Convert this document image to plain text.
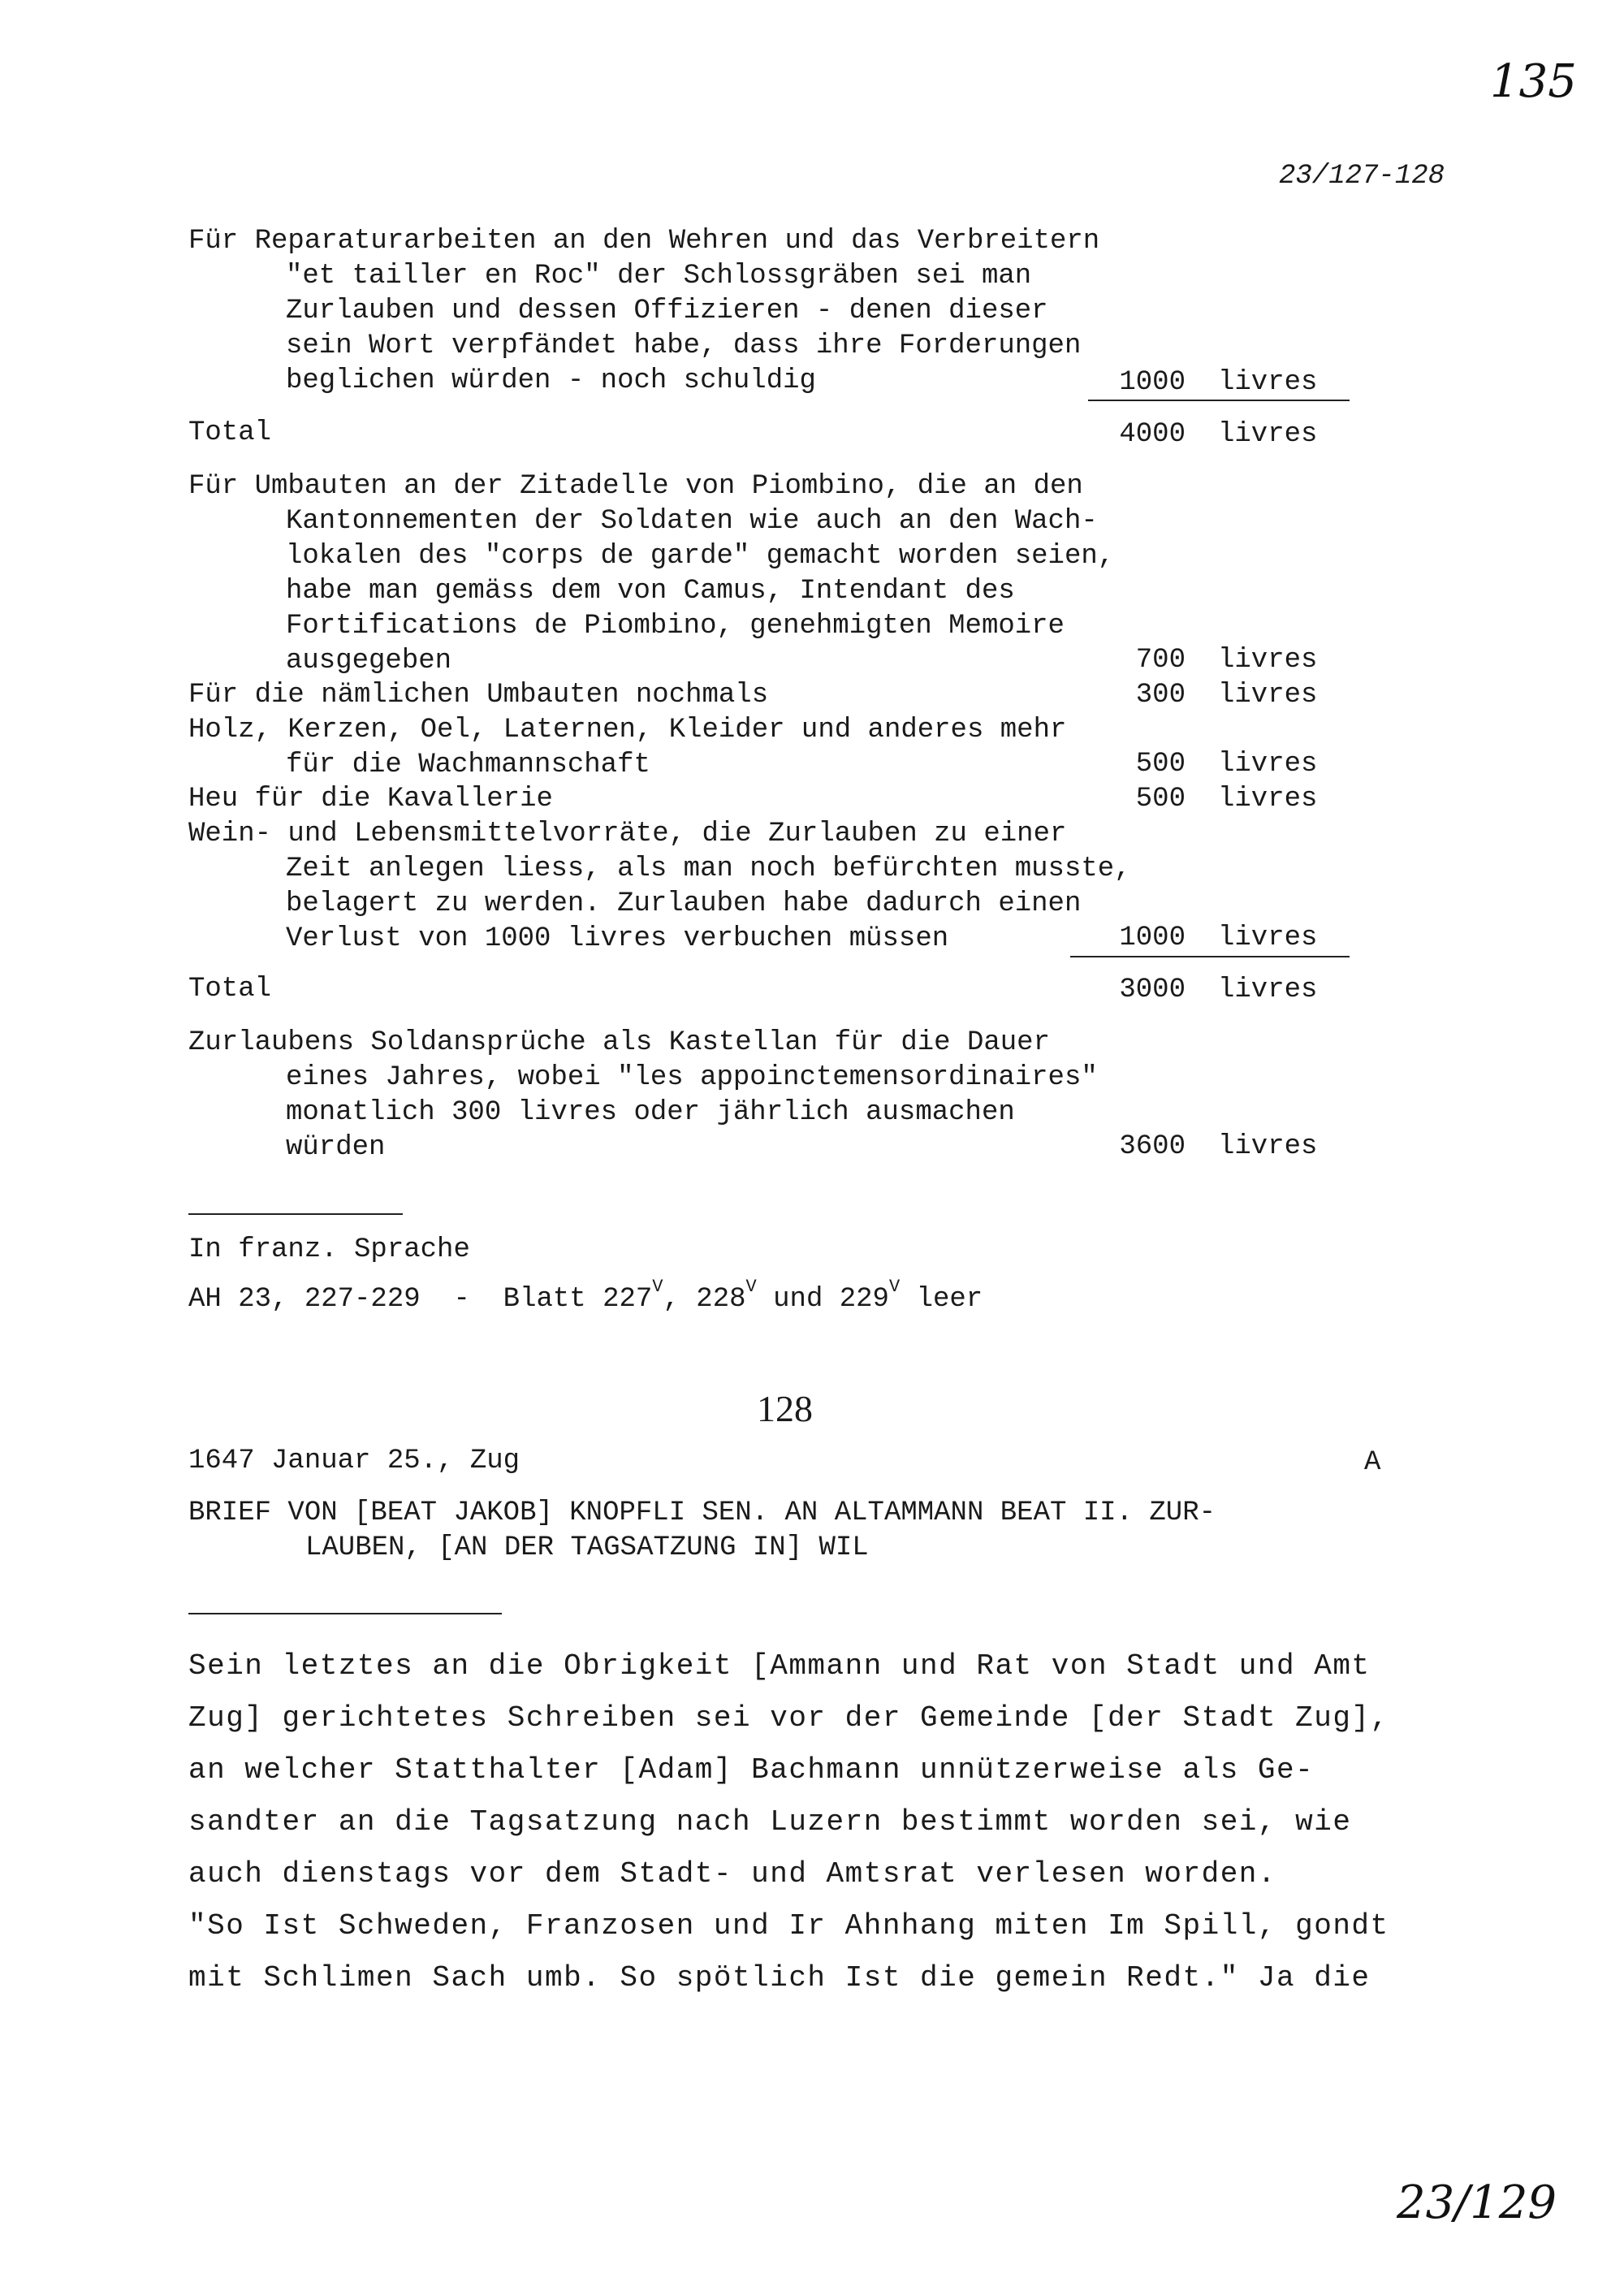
135
23/127-128
Für Reparaturarbeiten an den Wehren und das Verbreitern
"et tailler en Roc" der Schlossgräben sei man
Zurlauben und dessen Offizieren - denen dieser
sein Wort verpfändet habe, dass ihre Forderungen
beglichen würden - noch schuldig	1000 livres
Total	4000 livres
Für Umbauten an der Zitadelle von Piombino, die an den
Kantonnementen der Soldaten wie auch an den Wach-
lokalen des "corps de garde" gemacht worden seien,
habe man gemäss dem von Camus, Intendant des
Fortifications de Piombino, genehmigten Memoire
ausgegeben	700 livres
Für die nämlichen Umbauten nochmals	300 livres
Holz, Kerzen, Oel, Laternen, Kleider und anderes mehr
für die Wachmannschaft	500 livres
Heu für die Kavallerie	500 livres
Wein- und Lebensmittelvorräte, die Zurlauben zu einer
Zeit anlegen liess, als man noch befürchten musste,
belagert zu werden. Zurlauben habe dadurch einen
Verlust von 1000 livres verbuchen müssen	1000 livres
Total	3000 livres
Zurlaubens Soldansprüche als Kastellan für die Dauer
eines Jahres, wobei "les appoinctemensordinaires"
monatlich 300 livres oder jährlich ausmachen
würden	3600 livres
In franz. Sprache
AH 23, 227-229  -  Blatt $227^V$, $228^V$ und $229^V$ leer
128
1647 Januar 25., Zug	A
BRIEF VON [BEAT JAKOB] KNOPFLI SEN. AN ALTAMMANN BEAT II. ZUR-
LAUBEN, [AN DER TAGSATZUNG IN] WIL
Sein letztes an die Obrigkeit [Ammann und Rat von Stadt und Amt
Zug] gerichtetes Schreiben sei vor der Gemeinde [der Stadt Zug],
an welcher Statthalter [Adam] Bachmann unnützerweise als Ge-
sandter an die Tagsatzung nach Luzern bestimmt worden sei, wie
auch dienstags vor dem Stadt- und Amtsrat verlesen worden.
"So Ist Schweden, Franzosen und Ir Ahnhang miten Im Spill, gondt
mit Schlimen Sach umb. So spötlich Ist die gemein Redt." Ja die
23/129
